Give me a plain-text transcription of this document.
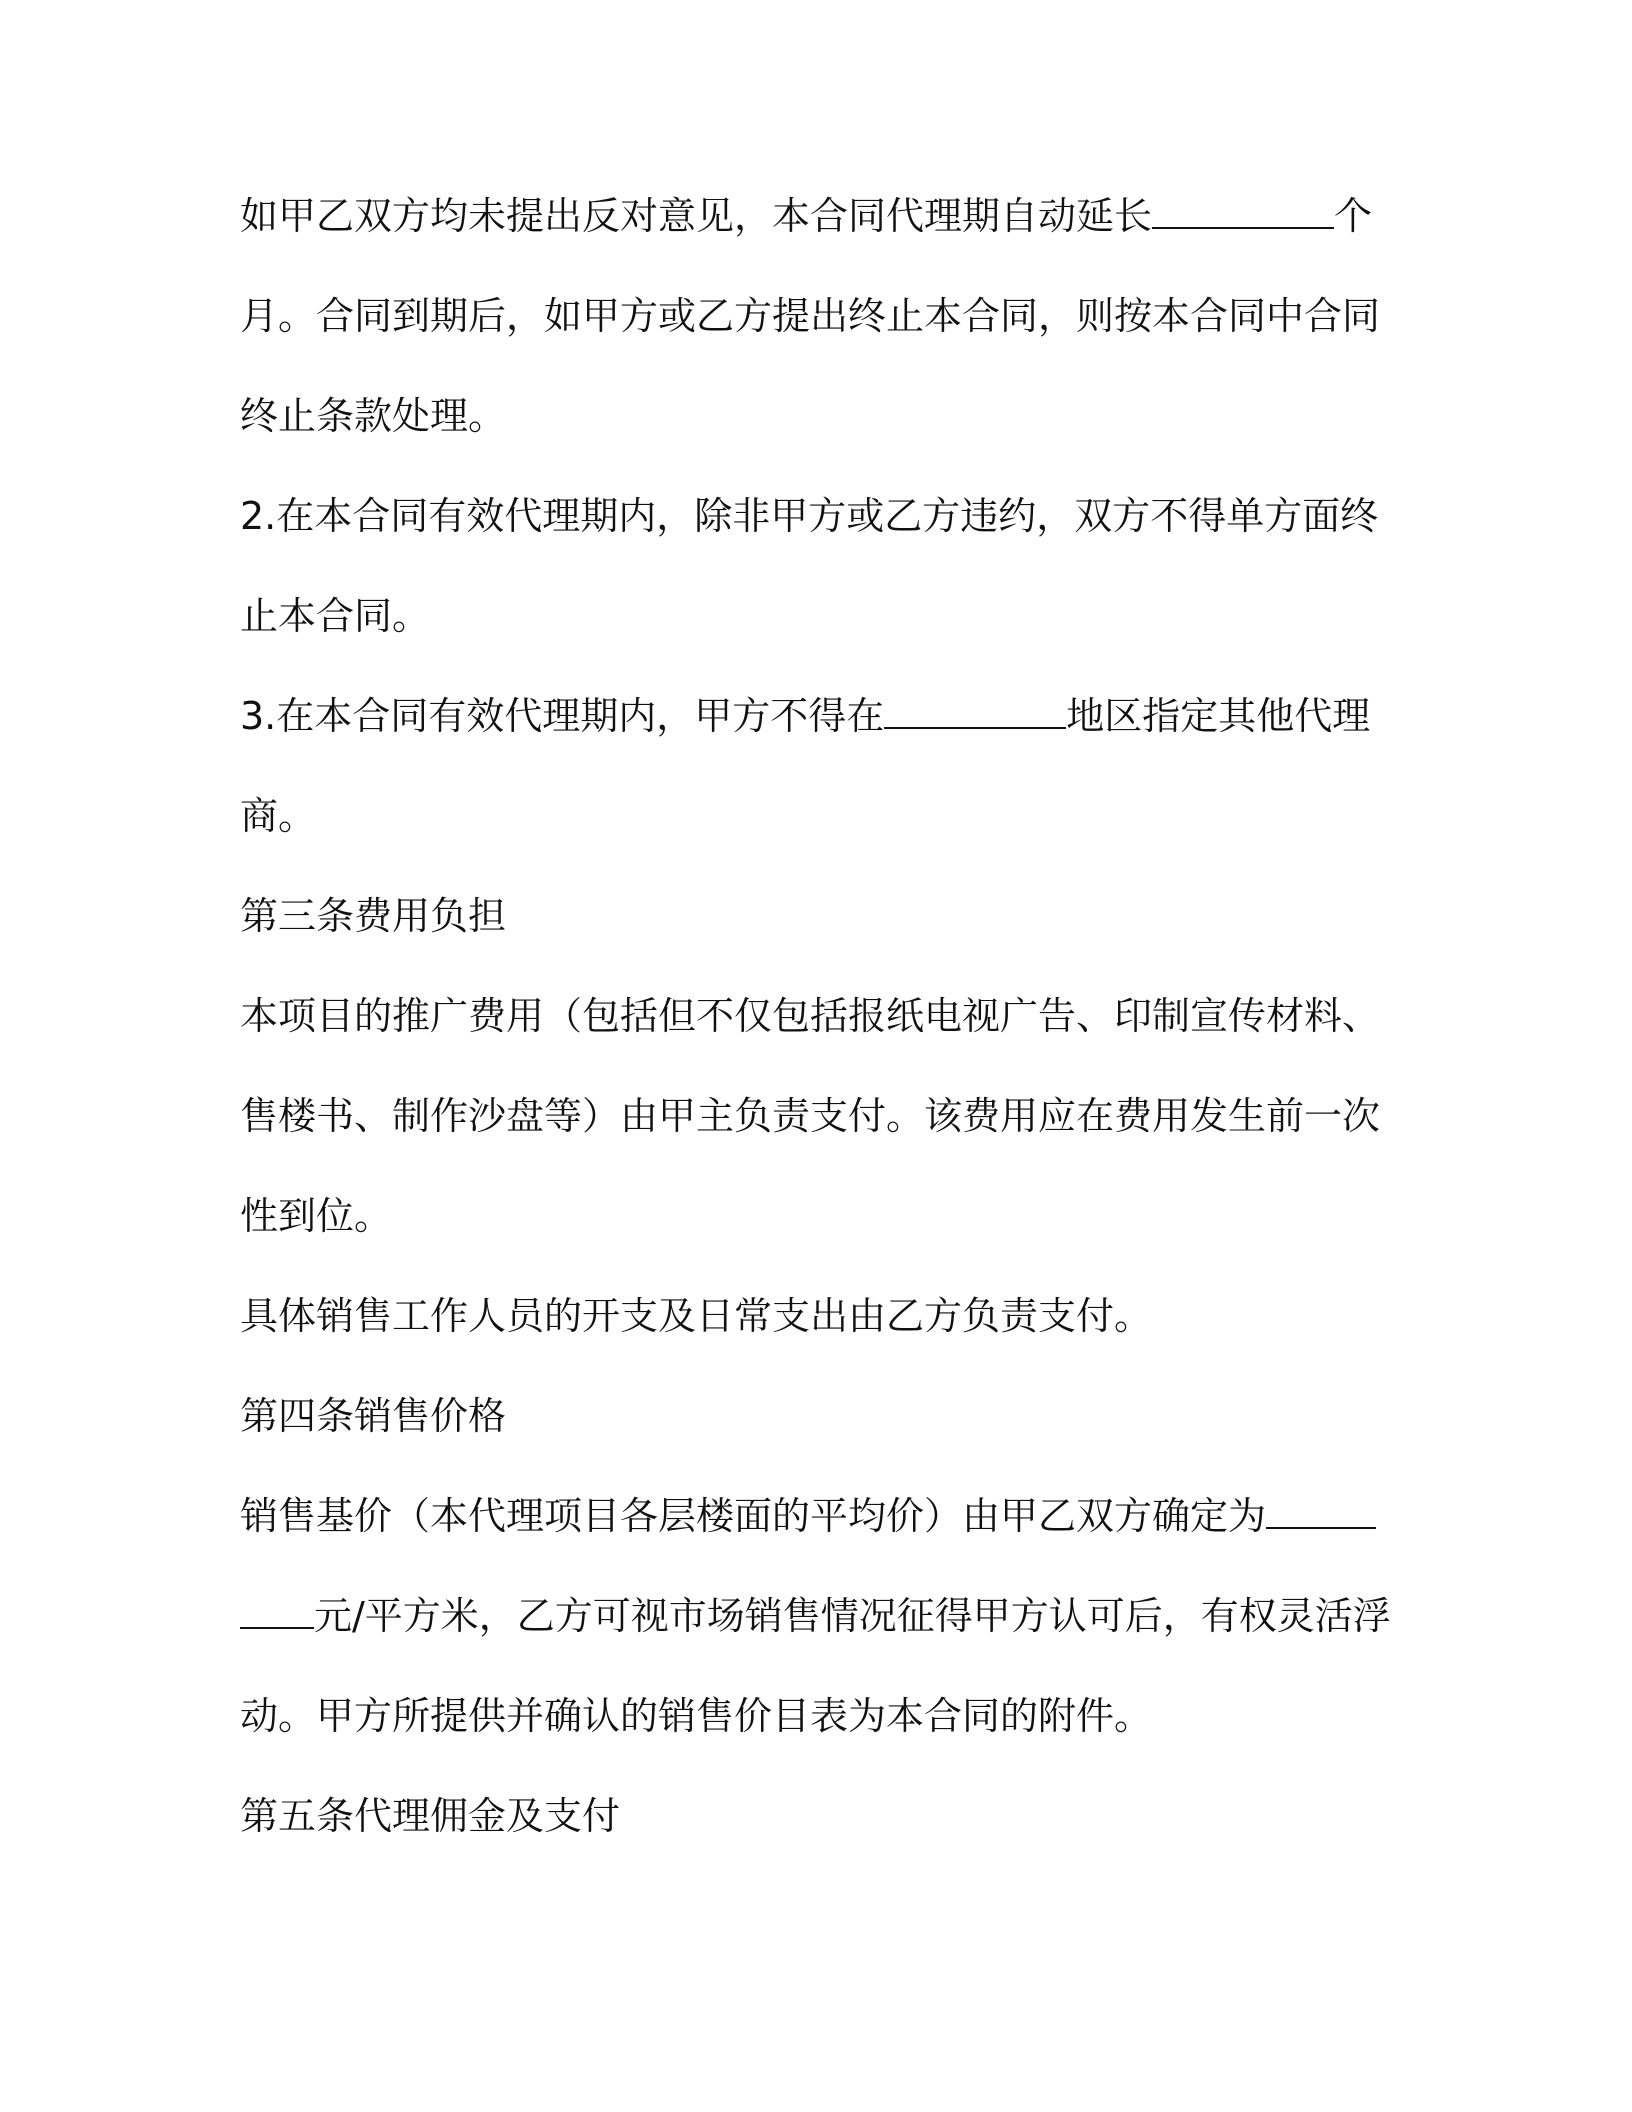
如甲乙双方均未提出反对意见，本合同代理期自动延长	个
月。合同到期后，如甲方或乙方提出终止本合同，则按本合同中合同
终止条款处理。
2.在本合同有效代理期内，除非甲方或乙方违约，双方不得单方面终
止本合同。
3.在本合同有效代理期内，甲方不得在	地区指定其他代理
商。
第三条费用负担
本项目的推广费用（包括但不仅包括报纸电视广告、印制宣传材料、
售楼书、制作沙盘等）由甲主负责支付。该费用应在费用发生前一次
性到位。
具体销售工作人员的开支及日常支出由乙方负责支付。
第四条销售价格
销售基价（本代理项目各层楼面的平均价）由甲乙双方确定为
元/平方米，乙方可视市场销售情况征得甲方认可后，有权灵活浮
动。甲方所提供并确认的销售价目表为本合同的附件。
第五条代理佣金及支付
